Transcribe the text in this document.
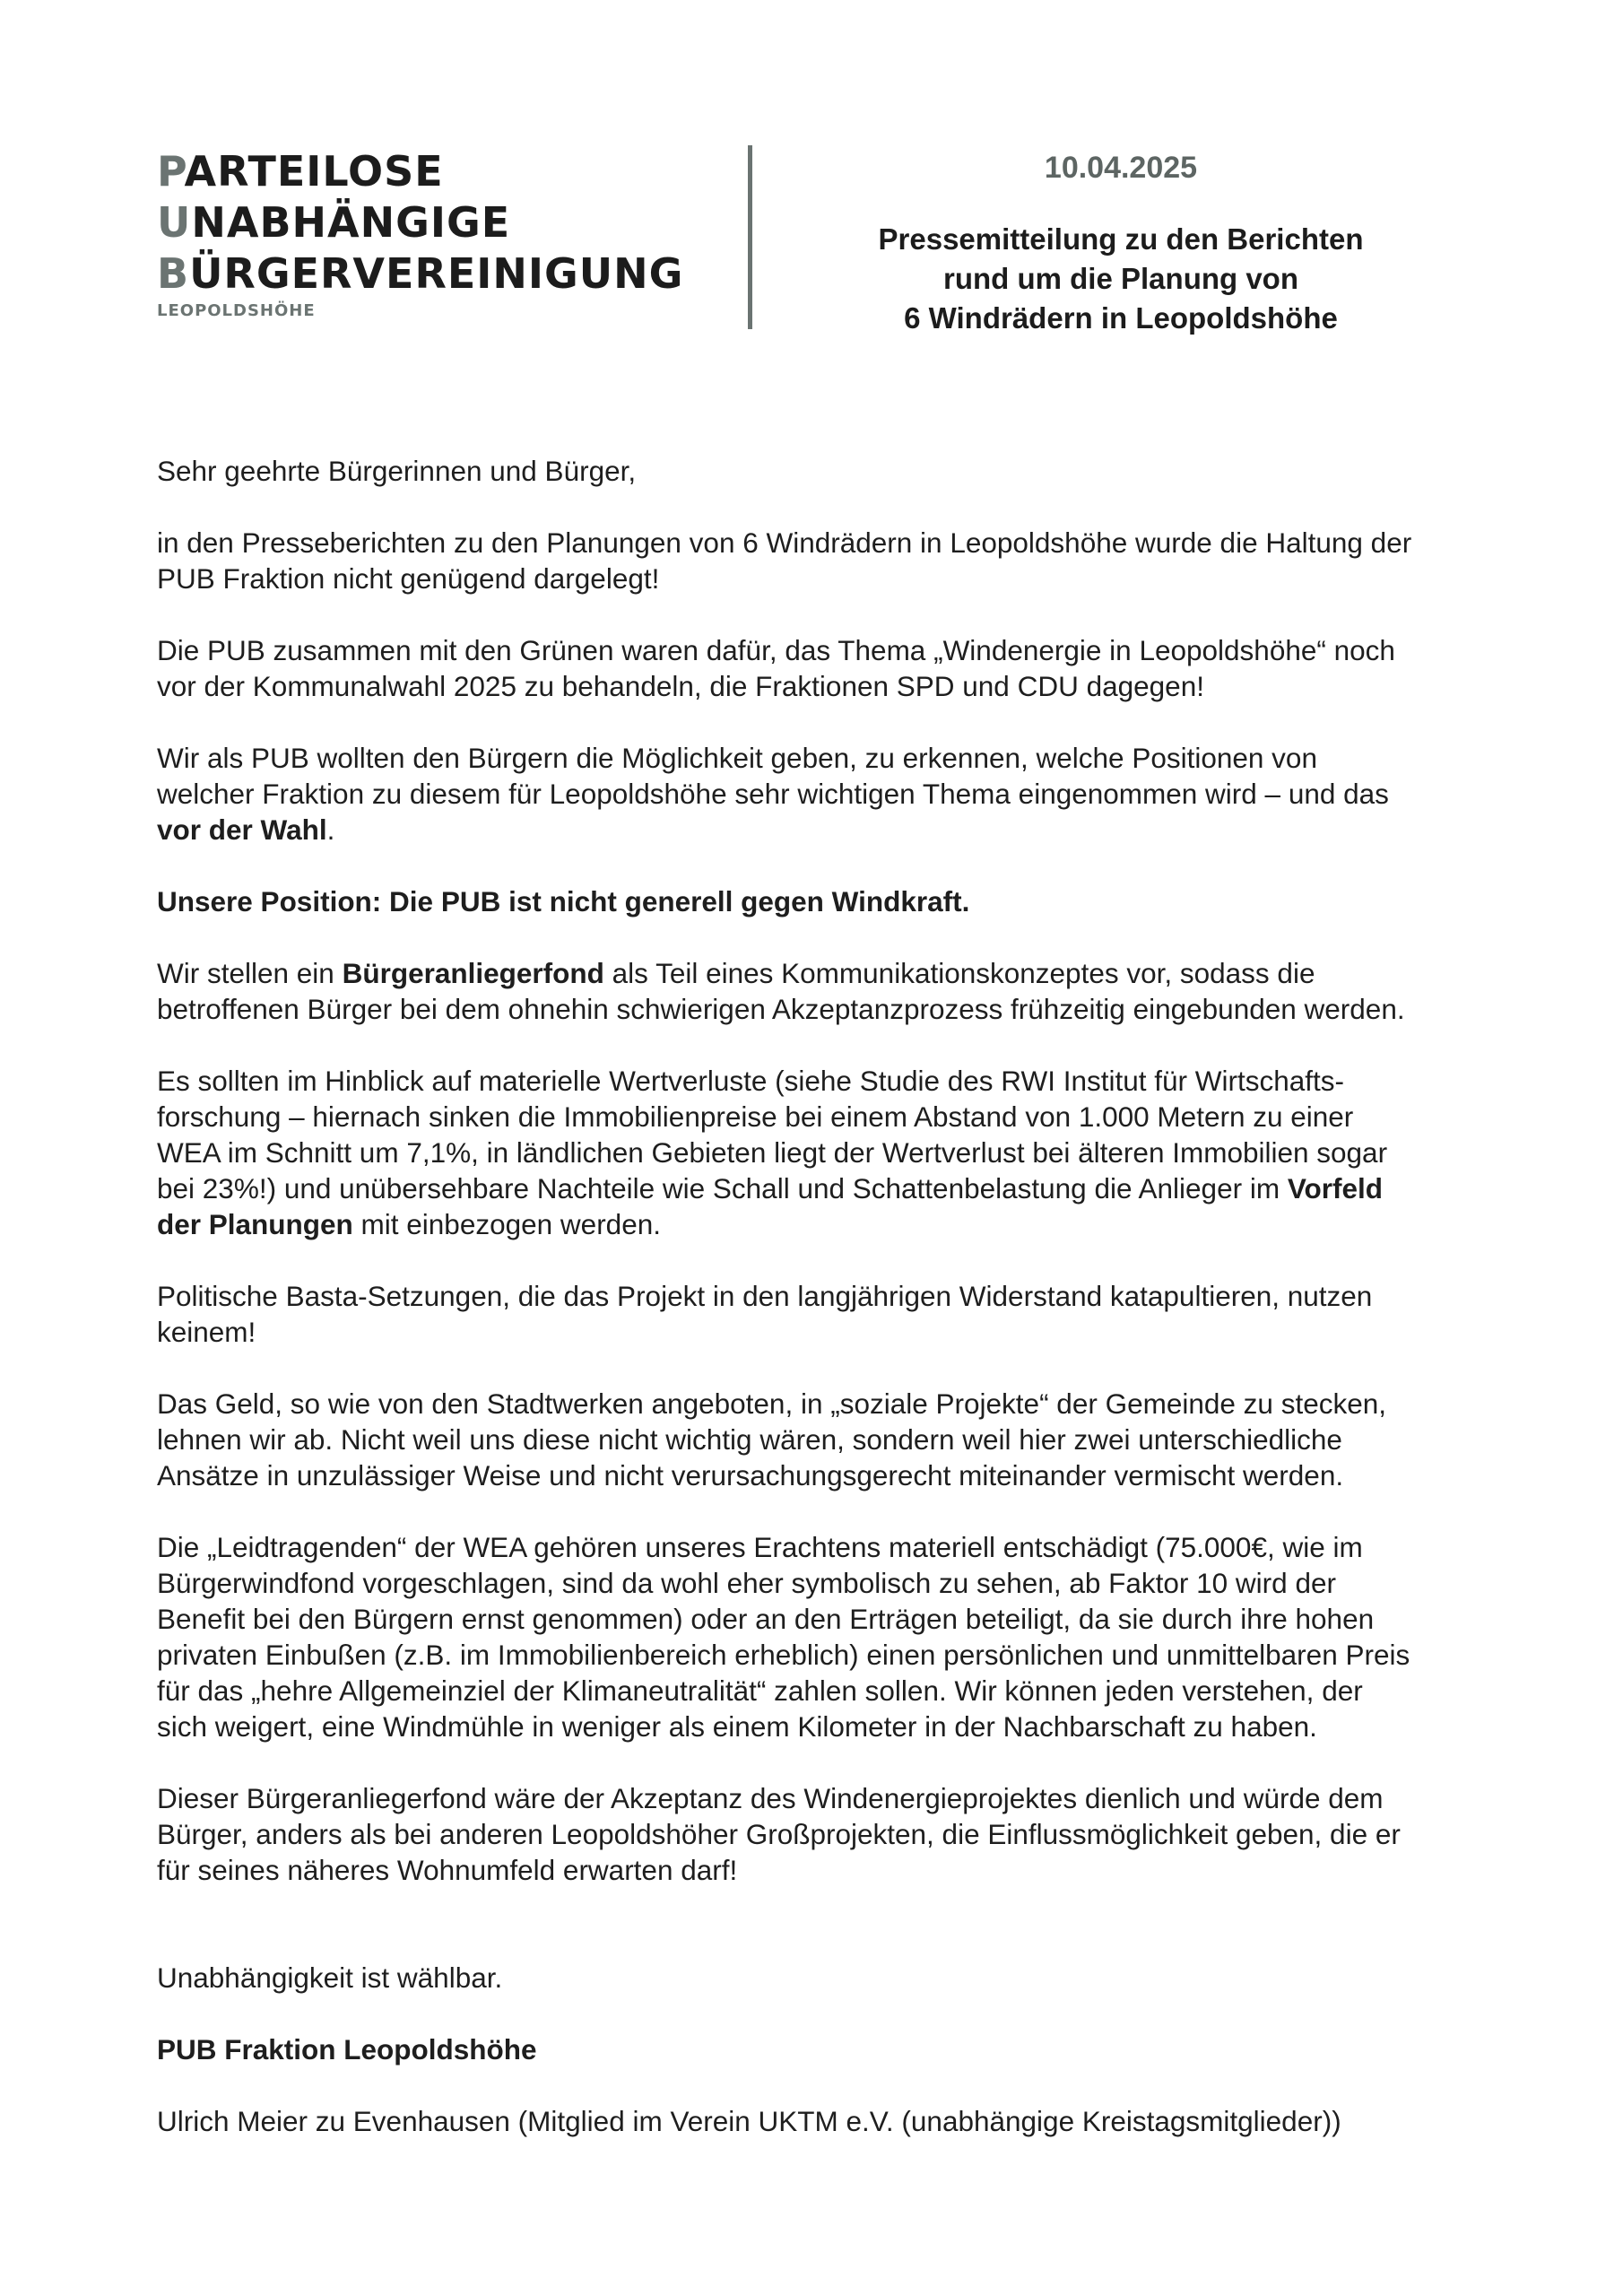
PARTEILOSE
UNABHÄNGIGE
BÜRGERVEREINIGUNG
LEOPOLDSHÖHE
10.04.2025
Pressemitteilung zu den Berichten
rund um die Planung von
6 Windrädern in Leopoldshöhe

Sehr geehrte Bürgerinnen und Bürger,

in den Presseberichten zu den Planungen von 6 Windrädern in Leopoldshöhe wurde die Haltung der
PUB Fraktion nicht genügend dargelegt!

Die PUB zusammen mit den Grünen waren dafür, das Thema „Windenergie in Leopoldshöhe“ noch
vor der Kommunalwahl 2025 zu behandeln, die Fraktionen SPD und CDU dagegen!

Wir als PUB wollten den Bürgern die Möglichkeit geben, zu erkennen, welche Positionen von
welcher Fraktion zu diesem für Leopoldshöhe sehr wichtigen Thema eingenommen wird – und das
vor der Wahl.

Unsere Position: Die PUB ist nicht generell gegen Windkraft.

Wir stellen ein Bürgeranliegerfond als Teil eines Kommunikationskonzeptes vor, sodass die
betroffenen Bürger bei dem ohnehin schwierigen Akzeptanzprozess frühzeitig eingebunden werden.

Es sollten im Hinblick auf materielle Wertverluste (siehe Studie des RWI Institut für Wirtschafts-
forschung – hiernach sinken die Immobilienpreise bei einem Abstand von 1.000 Metern zu einer
WEA im Schnitt um 7,1%, in ländlichen Gebieten liegt der Wertverlust bei älteren Immobilien sogar
bei 23%!) und unübersehbare Nachteile wie Schall und Schattenbelastung die Anlieger im Vorfeld
der Planungen mit einbezogen werden.

Politische Basta-Setzungen, die das Projekt in den langjährigen Widerstand katapultieren, nutzen
keinem!

Das Geld, so wie von den Stadtwerken angeboten, in „soziale Projekte“ der Gemeinde zu stecken,
lehnen wir ab. Nicht weil uns diese nicht wichtig wären, sondern weil hier zwei unterschiedliche
Ansätze in unzulässiger Weise und nicht verursachungsgerecht miteinander vermischt werden.

Die „Leidtragenden“ der WEA gehören unseres Erachtens materiell entschädigt (75.000€, wie im
Bürgerwindfond vorgeschlagen, sind da wohl eher symbolisch zu sehen, ab Faktor 10 wird der
Benefit bei den Bürgern ernst genommen) oder an den Erträgen beteiligt, da sie durch ihre hohen
privaten Einbußen (z.B. im Immobilienbereich erheblich) einen persönlichen und unmittelbaren Preis
für das „hehre Allgemeinziel der Klimaneutralität“ zahlen sollen. Wir können jeden verstehen, der
sich weigert, eine Windmühle in weniger als einem Kilometer in der Nachbarschaft zu haben.

Dieser Bürgeranliegerfond wäre der Akzeptanz des Windenergieprojektes dienlich und würde dem
Bürger, anders als bei anderen Leopoldshöher Großprojekten, die Einflussmöglichkeit geben, die er
für seines näheres Wohnumfeld erwarten darf!

Unabhängigkeit ist wählbar.

PUB Fraktion Leopoldshöhe

Ulrich Meier zu Evenhausen (Mitglied im Verein UKTM e.V. (unabhängige Kreistagsmitglieder))
